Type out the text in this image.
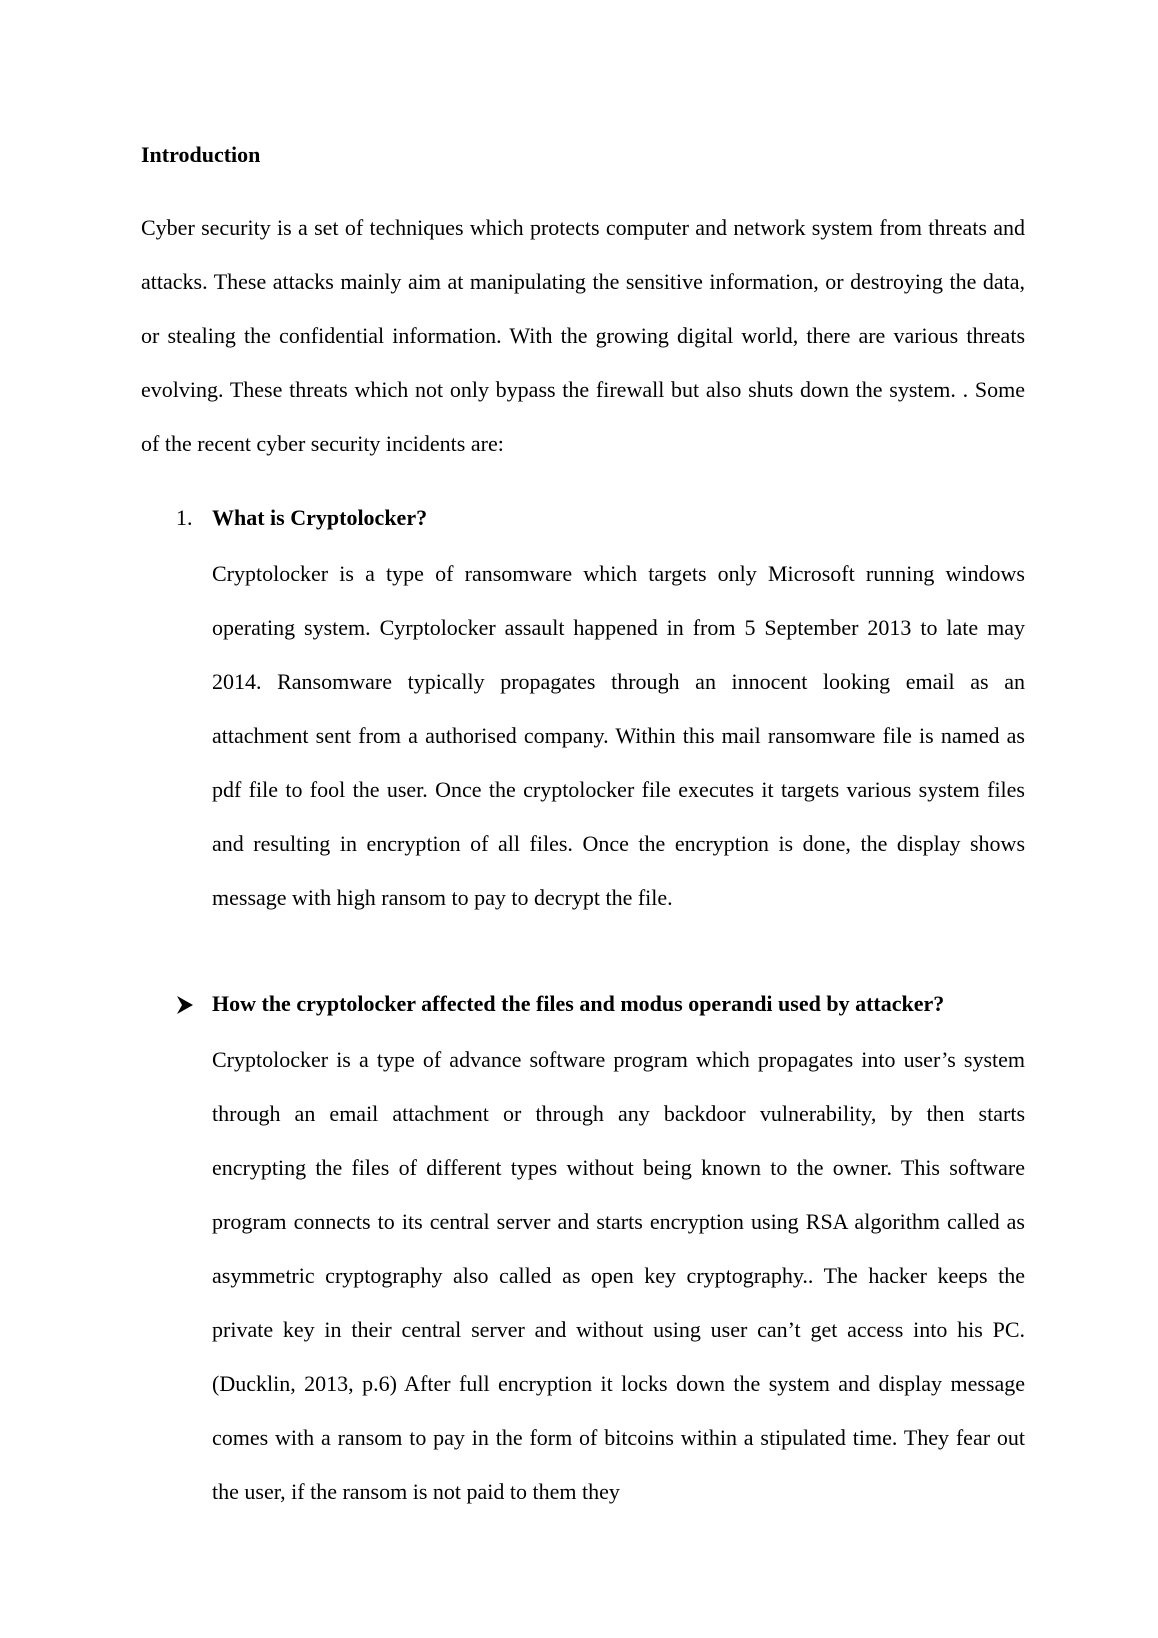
Introduction

Cyber security is a set of techniques which protects computer and network system from threats and attacks. These attacks mainly aim at manipulating the sensitive information, or destroying the data, or stealing the confidential information. With the growing digital world, there are various threats evolving. These threats which not only bypass the firewall but also shuts down the system. . Some of the recent cyber security incidents are:

1. What is Cryptolocker?

Cryptolocker is a type of ransomware which targets only Microsoft running windows operating system. Cyrptolocker assault happened in from 5 September 2013 to late may 2014. Ransomware typically propagates through an innocent looking email as an attachment sent from a authorised company. Within this mail ransomware file is named as pdf file to fool the user. Once the cryptolocker file executes it targets various system files and resulting in encryption of all files. Once the encryption is done, the display shows message with high ransom to pay to decrypt the file.

How the cryptolocker affected the files and modus operandi used by attacker?

Cryptolocker is a type of advance software program which propagates into user’s system through an email attachment or through any backdoor vulnerability, by then starts encrypting the files of different types without being known to the owner. This software program connects to its central server and starts encryption using RSA algorithm called as asymmetric cryptography also called as open key cryptography.. The hacker keeps the private key in their central server and without using user can’t get access into his PC. (Ducklin, 2013, p.6) After full encryption it locks down the system and display message comes with a ransom to pay in the form of bitcoins within a stipulated time. They fear out the user, if the ransom is not paid to them they
